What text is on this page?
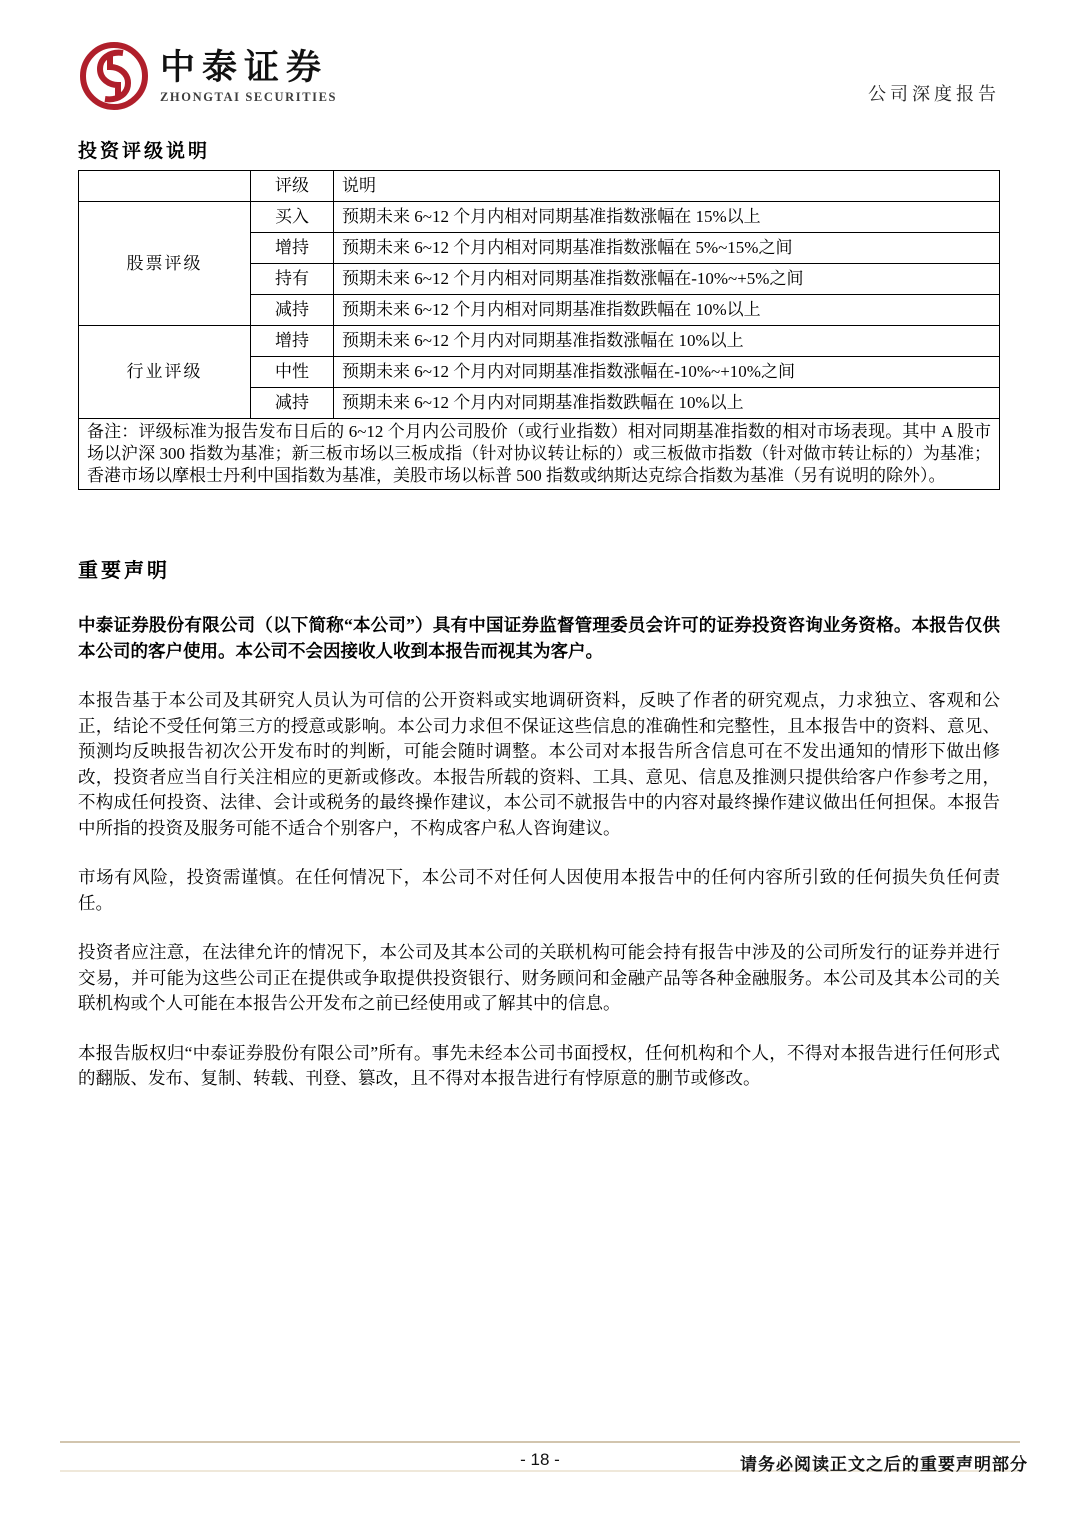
中泰证券
ZHONGTAI SECURITIES	公司深度报告
投资评级说明
	评级	说明
股票评级	买入	预期未来 6~12 个月内相对同期基准指数涨幅在 15%以上
	增持	预期未来 6~12 个月内相对同期基准指数涨幅在 5%~15%之间
	持有	预期未来 6~12 个月内相对同期基准指数涨幅在-10%~+5%之间
	减持	预期未来 6~12 个月内相对同期基准指数跌幅在 10%以上
行业评级	增持	预期未来 6~12 个月内对同期基准指数涨幅在 10%以上
	中性	预期未来 6~12 个月内对同期基准指数涨幅在-10%~+10%之间
	减持	预期未来 6~12 个月内对同期基准指数跌幅在 10%以上
备注：评级标准为报告发布日后的 6~12 个月内公司股价（或行业指数）相对同期基准指数的相对市场表现。其中 A 股市场以沪深 300 指数为基准；新三板市场以三板成指（针对协议转让标的）或三板做市指数（针对做市转让标的）为基准；香港市场以摩根士丹利中国指数为基准，美股市场以标普 500 指数或纳斯达克综合指数为基准（另有说明的除外）。		
重要声明

中泰证券股份有限公司（以下简称“本公司”）具有中国证券监督管理委员会许可的证券投资咨询业务资格。本报告仅供本公司的客户使用。本公司不会因接收人收到本报告而视其为客户。

本报告基于本公司及其研究人员认为可信的公开资料或实地调研资料，反映了作者的研究观点，力求独立、客观和公正，结论不受任何第三方的授意或影响。本公司力求但不保证这些信息的准确性和完整性，且本报告中的资料、意见、预测均反映报告初次公开发布时的判断，可能会随时调整。本公司对本报告所含信息可在不发出通知的情形下做出修改，投资者应当自行关注相应的更新或修改。本报告所载的资料、工具、意见、信息及推测只提供给客户作参考之用，不构成任何投资、法律、会计或税务的最终操作建议，本公司不就报告中的内容对最终操作建议做出任何担保。本报告中所指的投资及服务可能不适合个别客户，不构成客户私人咨询建议。

市场有风险，投资需谨慎。在任何情况下，本公司不对任何人因使用本报告中的任何内容所引致的任何损失负任何责任。

投资者应注意，在法律允许的情况下，本公司及其本公司的关联机构可能会持有报告中涉及的公司所发行的证券并进行交易，并可能为这些公司正在提供或争取提供投资银行、财务顾问和金融产品等各种金融服务。本公司及其本公司的关联机构或个人可能在本报告公开发布之前已经使用或了解其中的信息。

本报告版权归“中泰证券股份有限公司”所有。事先未经本公司书面授权，任何机构和个人，不得对本报告进行任何形式的翻版、发布、复制、转载、刊登、篡改，且不得对本报告进行有悖原意的删节或修改。

- 18 -	请务必阅读正文之后的重要声明部分
